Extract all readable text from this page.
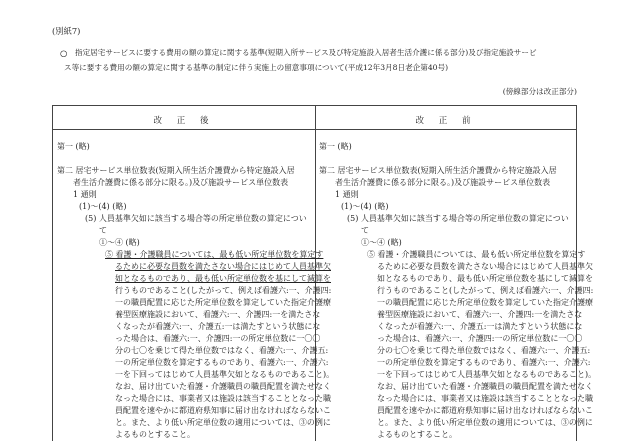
(別紙7)
○ 指定居宅サービスに要する費用の額の算定に関する基準(短期入所サービス及び特定施設入居者生活介護に係る部分)及び指定施設サービ
ス等に要する費用の額の算定に関する基準の制定に伴う実施上の留意事項について(平成12年3月8日老企第40号)
(傍線部分は改正部分)
改 正 後	改 正 前
第一 (略)
第二 居宅サービス単位数表(短期入所生活介護費から特定施設入居
者生活介護費に係る部分に限る。)及び施設サービス単位数表
1 通則
(1)〜(4) (略)
(5) 人員基準欠如に該当する場合等の所定単位数の算定につい
て
①〜④ (略)
⑤ 看護・介護職員については、最も低い所定単位数を算定す
るために必要な員数を満たさない場合にはじめて人員基準欠
如となるものであり、最も低い所定単位数を基にして減算を
行うものであること(したがって、例えば看護六:一、介護四:
一の職員配置に応じた所定単位数を算定していた指定介護療
養型医療施設において、看護六:一、介護四:一を満たさな
くなったが看護六:一、介護五:一は満たすという状態にな
った場合は、看護六:一、介護四:一の所定単位数に一〇〇
分の七〇を乗じて得た単位数ではなく、看護六:一、介護五:
一の所定単位数を算定するものであり、看護六:一、介護六:
一を下回ってはじめて人員基準欠如となるものであること)。
なお、届け出ていた看護・介護職員の職員配置を満たせなく
なった場合には、事業者又は施設は該当することとなった職
員配置を速やかに都道府県知事に届け出なければならないこ
と。また、より低い所定単位数の適用については、③の例に
よるものとすること。
第一 (略)
第二 居宅サービス単位数表(短期入所生活介護費から特定施設入居
者生活介護費に係る部分に限る。)及び施設サービス単位数表
1 通則
(1)〜(4) (略)
(5) 人員基準欠如に該当する場合等の所定単位数の算定につい
て
①〜④ (略)
⑤ 看護・介護職員については、最も低い所定単位数を算定す
るために必要な員数を満たさない場合にはじめて人員基準欠
如となるものであり、最も低い所定単位数を基にして減算を
行うものであること(したがって、例えば看護六:一、介護四:
一の職員配置に応じた所定単位数を算定していた指定介護療
養型医療施設において、看護六:一、介護四:一を満たさな
くなったが看護六:一、介護五:一は満たすという状態にな
った場合は、看護六:一、介護四:一の所定単位数に一〇〇
分の七〇を乗じて得た単位数ではなく、看護六:一、介護五:
一の所定単位数を算定するものであり、看護六:一、介護六:
一を下回ってはじめて人員基準欠如となるものであること)。
なお、届け出ていた看護・介護職員の職員配置を満たせなく
なった場合には、事業者又は施設は該当することとなった職
員配置を速やかに都道府県知事に届け出なければならないこ
と。また、より低い所定単位数の適用については、③の例に
よるものとすること。
